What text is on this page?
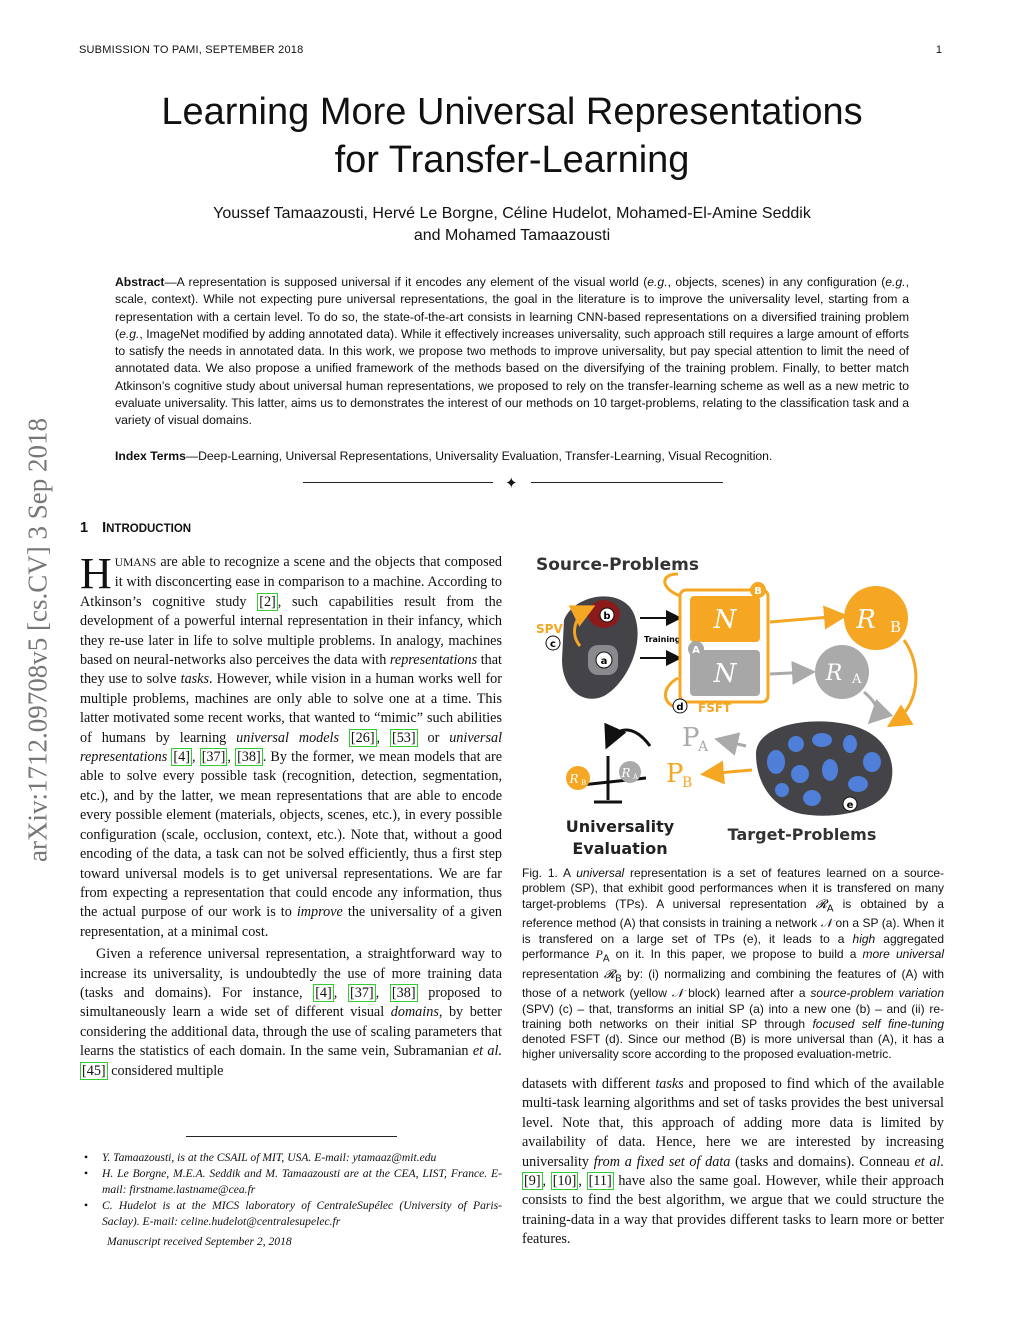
SUBMISSION TO PAMI, SEPTEMBER 2018	1
Learning More Universal Representations
for Transfer-Learning
Youssef Tamaazousti, Hervé Le Borgne, Céline Hudelot, Mohamed-El-Amine Seddik
and Mohamed Tamaazousti
arXiv:1712.09708v5 [cs.CV] 3 Sep 2018
Abstract—A representation is supposed universal if it encodes any element of the visual world (e.g., objects, scenes) in any configuration (e.g., scale, context). While not expecting pure universal representations, the goal in the literature is to improve the universality level, starting from a representation with a certain level. To do so, the state-of-the-art consists in learning CNN-based representations on a diversified training problem (e.g., ImageNet modified by adding annotated data). While it effectively increases universality, such approach still requires a large amount of efforts to satisfy the needs in annotated data. In this work, we propose two methods to improve universality, but pay special attention to limit the need of annotated data. We also propose a unified framework of the methods based on the diversifying of the training problem. Finally, to better match Atkinson’s cognitive study about universal human representations, we proposed to rely on the transfer-learning scheme as well as a new metric to evaluate universality. This latter, aims us to demonstrates the interest of our methods on 10 target-problems, relating to the classification task and a variety of visual domains.
Index Terms—Deep-Learning, Universal Representations, Universality Evaluation, Transfer-Learning, Visual Recognition.
✦
1 INTRODUCTION

HUMANS are able to recognize a scene and the objects that composed it with disconcerting ease in comparison to a machine. According to Atkinson’s cognitive study [2] , such capabilities result from the development of a powerful internal representation in their infancy, which they re-use later in life to solve multiple problems. In analogy, machines based on neural-networks also perceives the data with representations that they use to solve tasks. However, while vision in a human works well for multiple problems, machines are only able to solve one at a time. This latter motivated some recent works, that wanted to “mimic” such abilities of humans by learning universal models [26] , [53] or universal representations [4] , [37] , [38] . By the former, we mean models that are able to solve every possible task (recognition, detection, segmentation, etc.), and by the latter, we mean representations that are able to encode every possible element (materials, objects, scenes, etc.), in every possible configuration (scale, occlusion, context, etc.). Note that, without a good encoding of the data, a task can not be solved efficiently, thus a first step toward universal models is to get universal representations. We are far from expecting a representation that could encode any information, thus the actual purpose of our work is to improve the universality of a given representation, at a minimal cost.

Given a reference universal representation, a straightforward way to increase its universality, is undoubtedly the use of more training data (tasks and domains). For instance, [4] , [37] , [38] proposed to simultaneously learn a wide set of different visual domains, by better considering the additional data, through the use of scaling parameters that learns the statistics of each domain. In the same vein, Subramanian et al. [45] considered multiple

• Y. Tamaazousti, is at the CSAIL of MIT, USA. E-mail: ytamaaz@mit.edu
• H. Le Borgne, M.E.A. Seddik and M. Tamaazousti are at the CEA, LIST, France. E-mail: firstname.lastname@cea.fr
• C. Hudelot is at the MICS laboratory of CentraleSupélec (University of Paris-Saclay). E-mail: celine.hudelot@centralesupelec.fr
Manuscript received September 2, 2018
Source-Problems
b
a
SPV
c	Training
N
N
B
A
d FSFT
R B
R A
e
P
A
P
B
R B
R A
Universality
Evaluation
Target-Problems
Fig. 1. A universal representation is a set of features learned on a source-problem (SP), that exhibit good performances when it is transfered on many target-problems (TPs). A universal representation 𝓡$_A$ is obtained by a reference method (A) that consists in training a network 𝒩 on a SP (a). When it is transfered on a large set of TPs (e), it leads to a high aggregated performance $P_A$ on it. In this paper, we propose to build a more universal representation 𝓡$_B$ by: (i) normalizing and combining the features of (A) with those of a network (yellow 𝒩 block) learned after a source-problem variation (SPV) (c) – that, transforms an initial SP (a) into a new one (b) – and (ii) re-training both networks on their initial SP through focused self fine-tuning denoted FSFT (d). Since our method (B) is more universal than (A), it has a higher universality score according to the proposed evaluation-metric.
datasets with different tasks and proposed to find which of the available multi-task learning algorithms and set of tasks provides the best universal level. Note that, this approach of adding more data is limited by availability of data. Hence, here we are interested by increasing universality from a fixed set of data (tasks and domains). Conneau et al. [9] , [10] , [11] have also the same goal. However, while their approach consists to find the best algorithm, we argue that we could structure the training-data in a way that provides different tasks to learn more or better features.
